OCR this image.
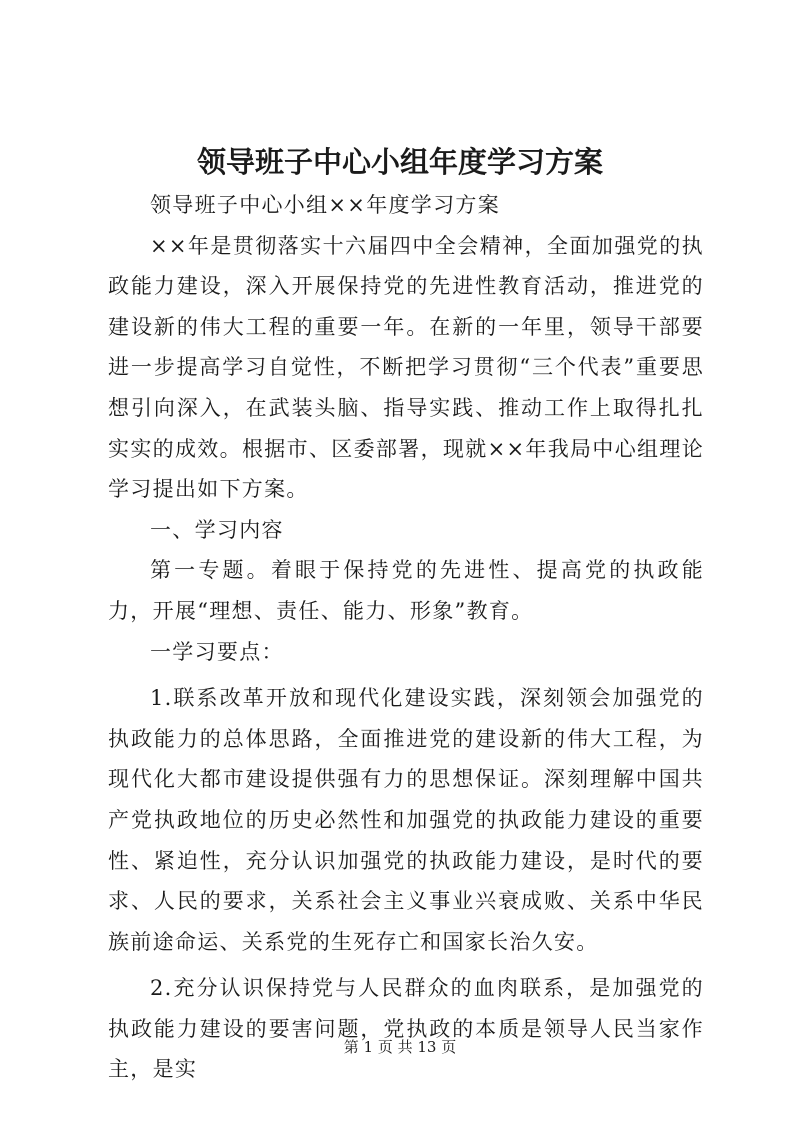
领导班子中心小组年度学习方案

领导班子中心小组××年度学习方案

××年是贯彻落实十六届四中全会精神，全面加强党的执政能力建设，深入开展保持党的先进性教育活动，推进党的建设新的伟大工程的重要一年。在新的一年里，领导干部要进一步提高学习自觉性，不断把学习贯彻“三个代表”重要思想引向深入，在武装头脑、指导实践、推动工作上取得扎扎实实的成效。根据市、区委部署，现就××年我局中心组理论学习提出如下方案。

一、学习内容

第一专题。着眼于保持党的先进性、提高党的执政能力，开展“理想、责任、能力、形象”教育。

一学习要点：

1.联系改革开放和现代化建设实践，深刻领会加强党的执政能力的总体思路，全面推进党的建设新的伟大工程，为现代化大都市建设提供强有力的思想保证。深刻理解中国共产党执政地位的历史必然性和加强党的执政能力建设的重要性、紧迫性，充分认识加强党的执政能力建设，是时代的要求、人民的要求，关系社会主义事业兴衰成败、关系中华民族前途命运、关系党的生死存亡和国家长治久安。

2.充分认识保持党与人民群众的血肉联系，是加强党的执政能力建设的要害问题，党执政的本质是领导人民当家作主，是实

第 1 页 共 13 页
